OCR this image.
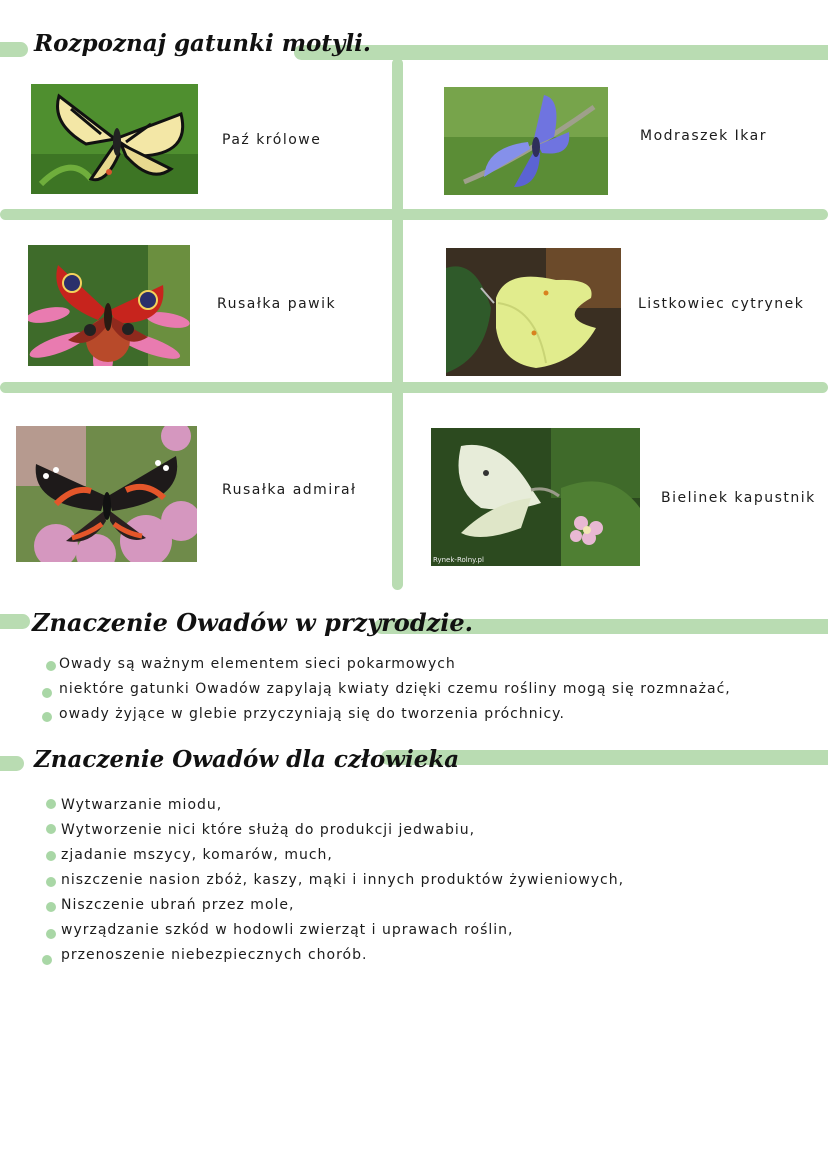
Rozpoznaj gatunki motyli.
Znaczenie Owadów w przyrodzie.
Znaczenie Owadów dla człowieka
Rynek-Rolny.pl
Paź królowe	Modraszek Ikar
Rusałka pawik	Listkowiec cytrynek
Rusałka admirał	Bielinek kapustnik
Owady są ważnym elementem sieci pokarmowych
niektóre gatunki Owadów zapylają kwiaty dzięki czemu rośliny mogą się rozmnażać,
owady żyjące w glebie przyczyniają się do tworzenia próchnicy.
Wytwarzanie miodu,
Wytworzenie nici które służą do produkcji jedwabiu,
zjadanie mszycy, komarów, much,
niszczenie nasion zbóż, kaszy, mąki i innych produktów żywieniowych,
Niszczenie ubrań przez mole,
wyrządzanie szkód w hodowli zwierząt i uprawach roślin,
przenoszenie niebezpiecznych chorób.
